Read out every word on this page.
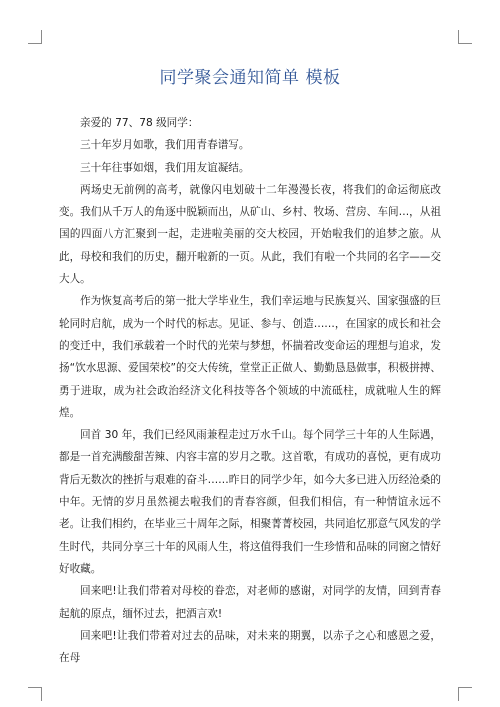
同学聚会通知简单 模板

亲爱的 77、78 级同学：

三十年岁月如歌，我们用青春谱写。

三十年往事如烟，我们用友谊凝结。

两场史无前例的高考，就像闪电划破十二年漫漫长夜，将我们的命运彻底改变。我们从千万人的角逐中脱颖而出，从矿山、乡村、牧场、营房、车间…，从祖国的四面八方汇聚到一起，走进啦美丽的交大校园，开始啦我们的追梦之旅。从此，母校和我们的历史，翻开啦新的一页。从此，我们有啦一个共同的名字——交大人。

作为恢复高考后的第一批大学毕业生，我们幸运地与民族复兴、国家强盛的巨轮同时启航，成为一个时代的标志。见证、参与、创造……，在国家的成长和社会的变迁中，我们承载着一个时代的光荣与梦想，怀揣着改变命运的理想与追求，发扬“饮水思源、爱国荣校”的交大传统，堂堂正正做人、勤勤恳恳做事，积极拼搏、勇于进取，成为社会政治经济文化科技等各个领域的中流砥柱，成就啦人生的辉煌。

回首 30 年，我们已经风雨兼程走过万水千山。每个同学三十年的人生际遇，都是一首充满酸甜苦辣、内容丰富的岁月之歌。这首歌，有成功的喜悦，更有成功背后无数次的挫折与艰难的奋斗……昨日的同学少年，如今大多已进入历经沧桑的中年。无情的岁月虽然褪去啦我们的青春容颜，但我们相信，有一种情谊永远不老。让我们相约，在毕业三十周年之际，相聚菁菁校园，共同追忆那意气风发的学生时代，共同分享三十年的风雨人生，将这值得我们一生珍惜和品味的同窗之情好好收藏。

回来吧!让我们带着对母校的眷恋，对老师的感谢，对同学的友情，回到青春起航的原点，缅怀过去，把酒言欢!

回来吧!让我们带着对过去的品味，对未来的期翼，以赤子之心和感恩之爱，在母
